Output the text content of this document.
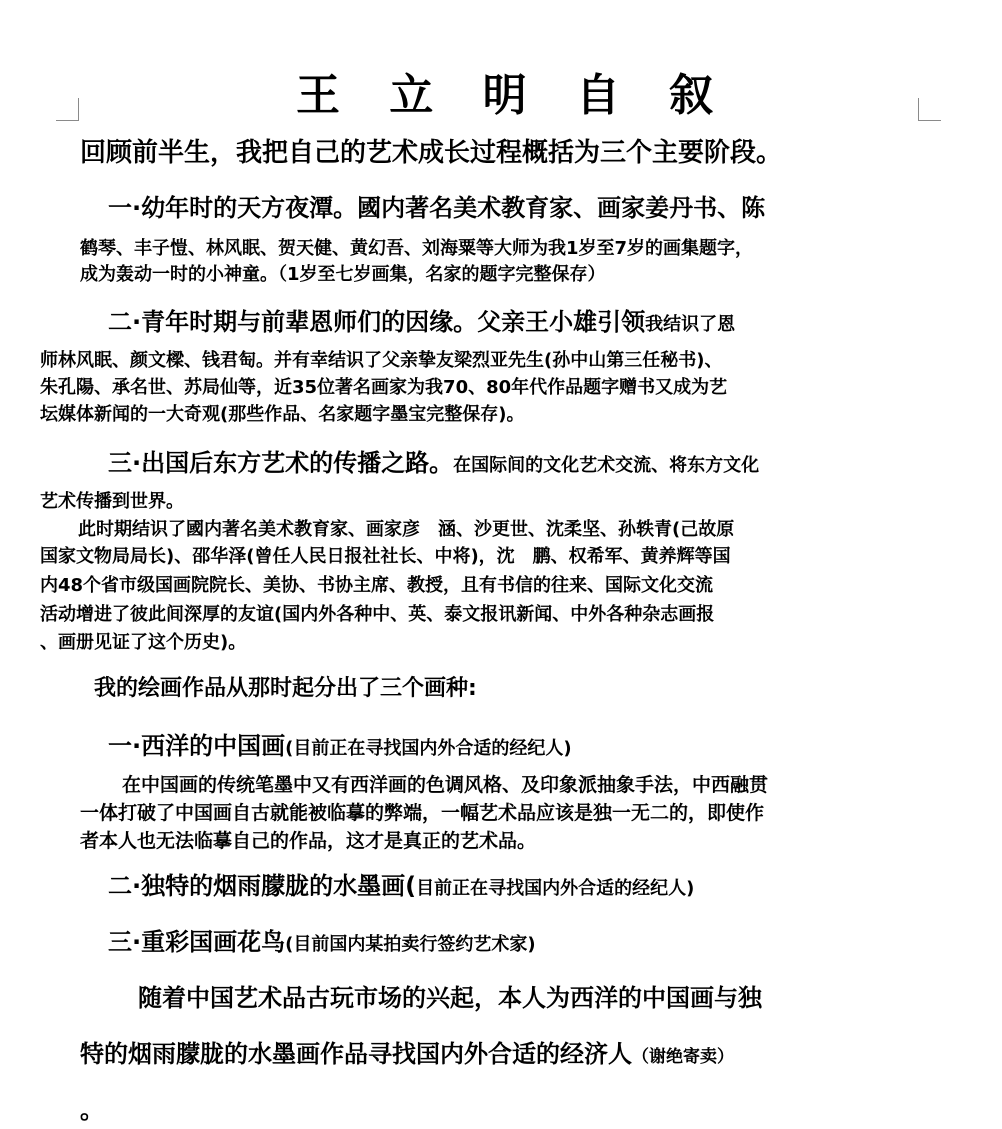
王 立 明 自 叙
回顾前半生，我把自己的艺术成长过程概括为三个主要阶段。
一·幼年时的天方夜潭。國内著名美术教育家、画家姜丹书、陈
鹤琴、丰子愷、林风眠、贺天健、黄幻吾、刘海粟等大师为我1岁至7岁的画集题字，
成为轰动一时的小神童。（1岁至七岁画集，名家的题字完整保存）
二·青年时期与前辈恩师们的因缘。父亲王小雄引领我结识了恩
师林风眠、颜文樑、钱君匋。并有幸结识了父亲挚友梁烈亚先生(孙中山第三任秘书)、
朱孔陽、承名世、苏局仙等，近35位著名画家为我70、80年代作品题字赠书又成为艺
坛媒体新闻的一大奇观(那些作品、名家题字墨宝完整保存)。
三·出国后东方艺术的传播之路。在国际间的文化艺术交流、将东方文化
艺术传播到世界。
此时期结识了國内著名美术教育家、画家彦　涵、沙更世、沈柔坚、孙轶青(己故原
国家文物局局长)、邵华泽(曾任人民日报社社长、中将)，沈　鹏、权希军、黄养辉等国
内48个省市级国画院院长、美协、书协主席、教授，且有书信的往来、国际文化交流
活动增进了彼此间深厚的友谊(国内外各种中、英、泰文报讯新闻、中外各种杂志画报
、画册见证了这个历史)。
我的绘画作品从那时起分出了三个画种:
一·西洋的中国画(目前正在寻找国内外合适的经纪人)
在中国画的传统笔墨中又有西洋画的色调风格、及印象派抽象手法，中西融贯
一体打破了中国画自古就能被临摹的弊端，一幅艺术品应该是独一无二的，即使作
者本人也无法临摹自己的作品，这才是真正的艺术品。
二·独特的烟雨朦胧的水墨画(目前正在寻找国内外合适的经纪人)
三·重彩国画花鸟(目前国内某拍卖行签约艺术家)
随着中国艺术品古玩市场的兴起，本人为西洋的中国画与独
特的烟雨朦胧的水墨画作品寻找国内外合适的经济人（谢绝寄卖）
。
